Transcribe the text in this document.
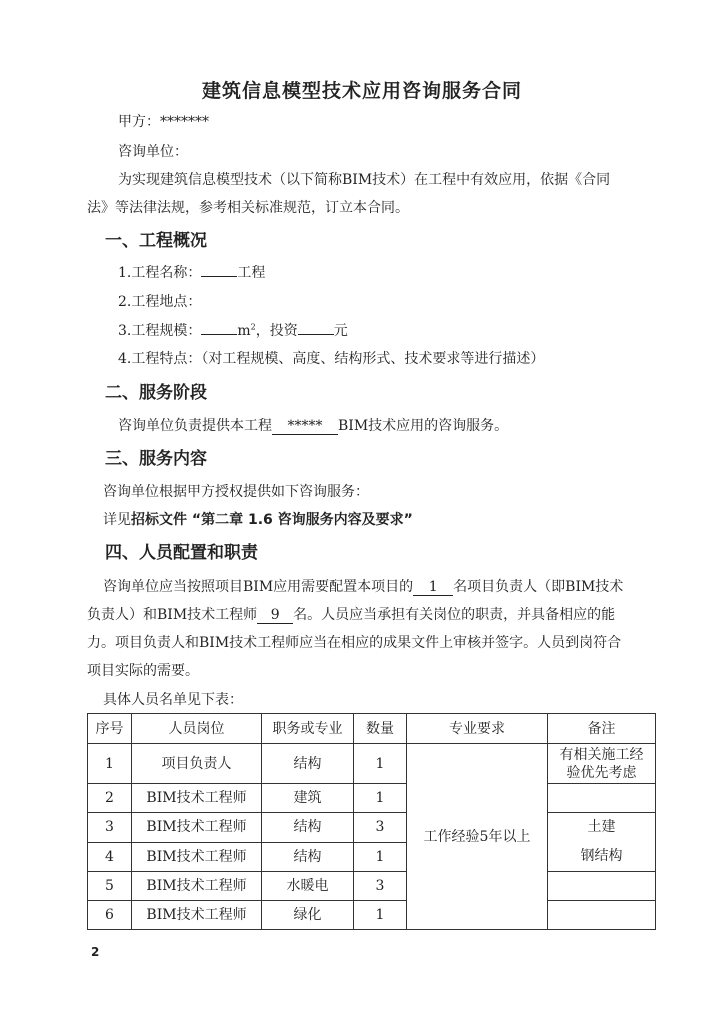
建筑信息模型技术应用咨询服务合同
甲方：*******
咨询单位：
为实现建筑信息模型技术（以下简称BIM技术）在工程中有效应用，依据《合同
法》等法律法规，参考相关标准规范，订立本合同。
一、工程概况
1.工程名称：	工程
2.工程地点：
3.工程规模：	$m^2$，投资	元
4.工程特点：（对工程规模、高度、结构形式、技术要求等进行描述）
二、服务阶段
咨询单位负责提供本工程 ***** BIM技术应用的咨询服务。
三、服务内容
咨询单位根据甲方授权提供如下咨询服务：
详见招标文件 “第二章 1.6 咨询服务内容及要求”
四、人员配置和职责
咨询单位应当按照项目BIM应用需要配置本项目的 1 名项目负责人（即BIM技术
负责人）和BIM技术工程师 9 名。人员应当承担有关岗位的职责，并具备相应的能
力。项目负责人和BIM技术工程师应当在相应的成果文件上审核并签字。人员到岗符合
项目实际的需要。
具体人员名单见下表：
序号	人员岗位	职务或专业	数量	专业要求	备注
1	项目负责人	结构	1	工作经验5年以上	有相关施工经
验优先考虑

2	BIM技术工程师	建筑	1		
3	BIM技术工程师	结构	3		土建
钢结构

4	BIM技术工程师	结构	1		
5	BIM技术工程师	水暖电	3		
6	BIM技术工程师	绿化	1		
2
